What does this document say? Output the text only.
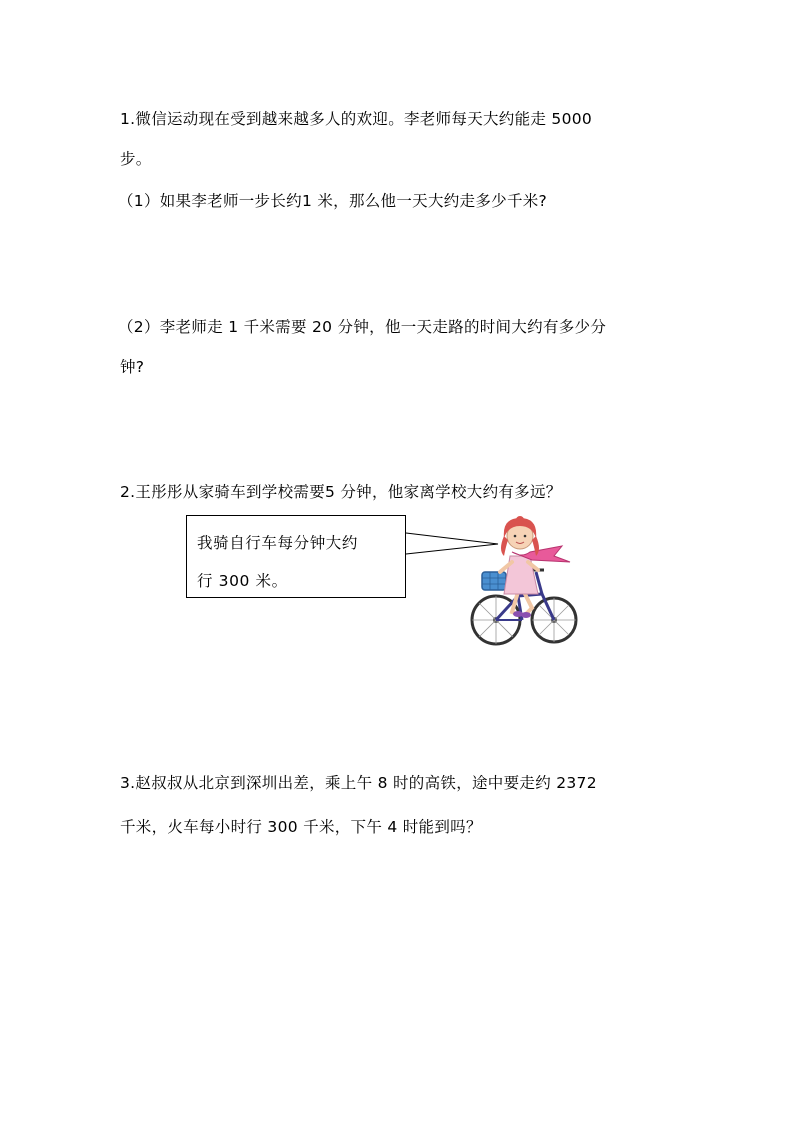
1.微信运动现在受到越来越多人的欢迎。李老师每天大约能走 5000
步。
（1）如果李老师一步长约1 米，那么他一天大约走多少千米?
（2）李老师走 1 千米需要 20 分钟，他一天走路的时间大约有多少分
钟?
2.王彤彤从家骑车到学校需要5 分钟，他家离学校大约有多远？
我骑自行车每分钟大约
行 300 米。
3.赵叔叔从北京到深圳出差，乘上午 8 时的高铁，途中要走约 2372
千米，火车每小时行 300 千米，下午 4 时能到吗？
